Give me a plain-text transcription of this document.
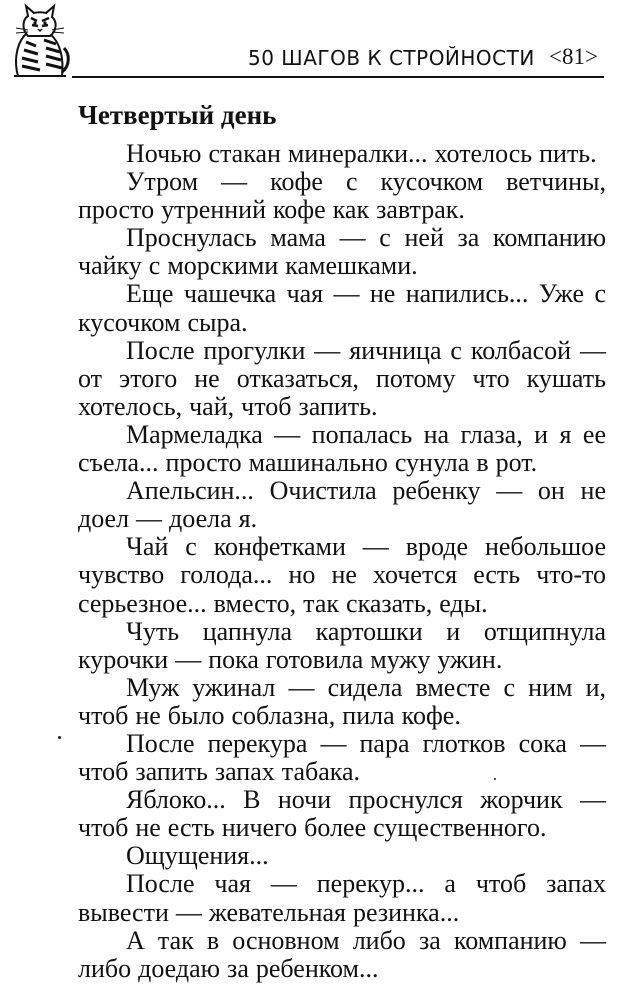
50 ШАГОВ К СТРОЙНОСТИ <81>
Четвертый день

Ночью стакан минералки... хотелось пить.

Утром — кофе с кусочком ветчины, просто утренний кофе как завтрак.

Проснулась мама — с ней за компанию чайку с морскими камешками.

Еще чашечка чая — не напились... Уже с кусочком сыра.

После прогулки — яичница с колбасой — от этого не отказаться, потому что кушать хотелось, чай, чтоб запить.

Мармеладка — попалась на глаза, и я ее съела... просто машинально сунула в рот.

Апельсин... Очистила ребенку — он не доел — доела я.

Чай с конфетками — вроде небольшое чувство голода... но не хочется есть что-то серьезное... вместо, так сказать, еды.

Чуть цапнула картошки и отщипнула курочки — пока готовила мужу ужин.

Муж ужинал — сидела вместе с ним и, чтоб не было соблазна, пила кофе.

После перекура — пара глотков сока — чтоб запить запах табака.

Яблоко... В ночи проснулся жорчик — чтоб не есть ничего более существенного.

Ощущения...

После чая — перекур... а чтоб запах вывести — жевательная резинка...

А так в основном либо за компанию — либо доедаю за ребенком...
